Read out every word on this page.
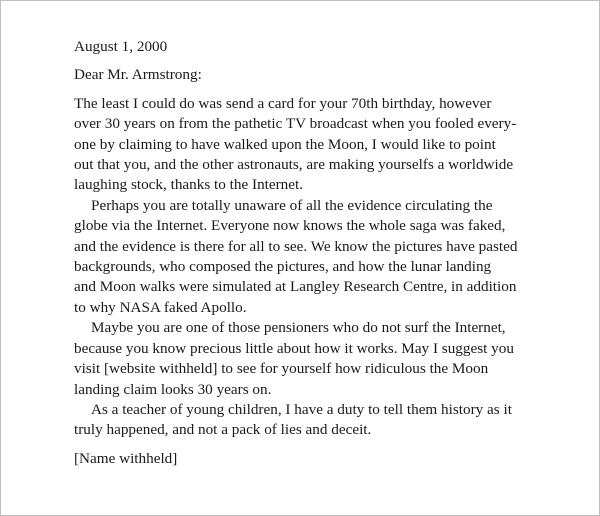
August 1, 2000
Dear Mr. Armstrong:
The least I could do was send a card for your 70th birthday, however
over 30 years on from the pathetic TV broadcast when you fooled every-
one by claiming to have walked upon the Moon, I would like to point
out that you, and the other astronauts, are making yourselfs a worldwide
laughing stock, thanks to the Internet.
Perhaps you are totally unaware of all the evidence circulating the
globe via the Internet. Everyone now knows the whole saga was faked,
and the evidence is there for all to see. We know the pictures have pasted
backgrounds, who composed the pictures, and how the lunar landing
and Moon walks were simulated at Langley Research Centre, in addition
to why NASA faked Apollo.
Maybe you are one of those pensioners who do not surf the Internet,
because you know precious little about how it works. May I suggest you
visit [website withheld] to see for yourself how ridiculous the Moon
landing claim looks 30 years on.
As a teacher of young children, I have a duty to tell them history as it
truly happened, and not a pack of lies and deceit.
[Name withheld]
